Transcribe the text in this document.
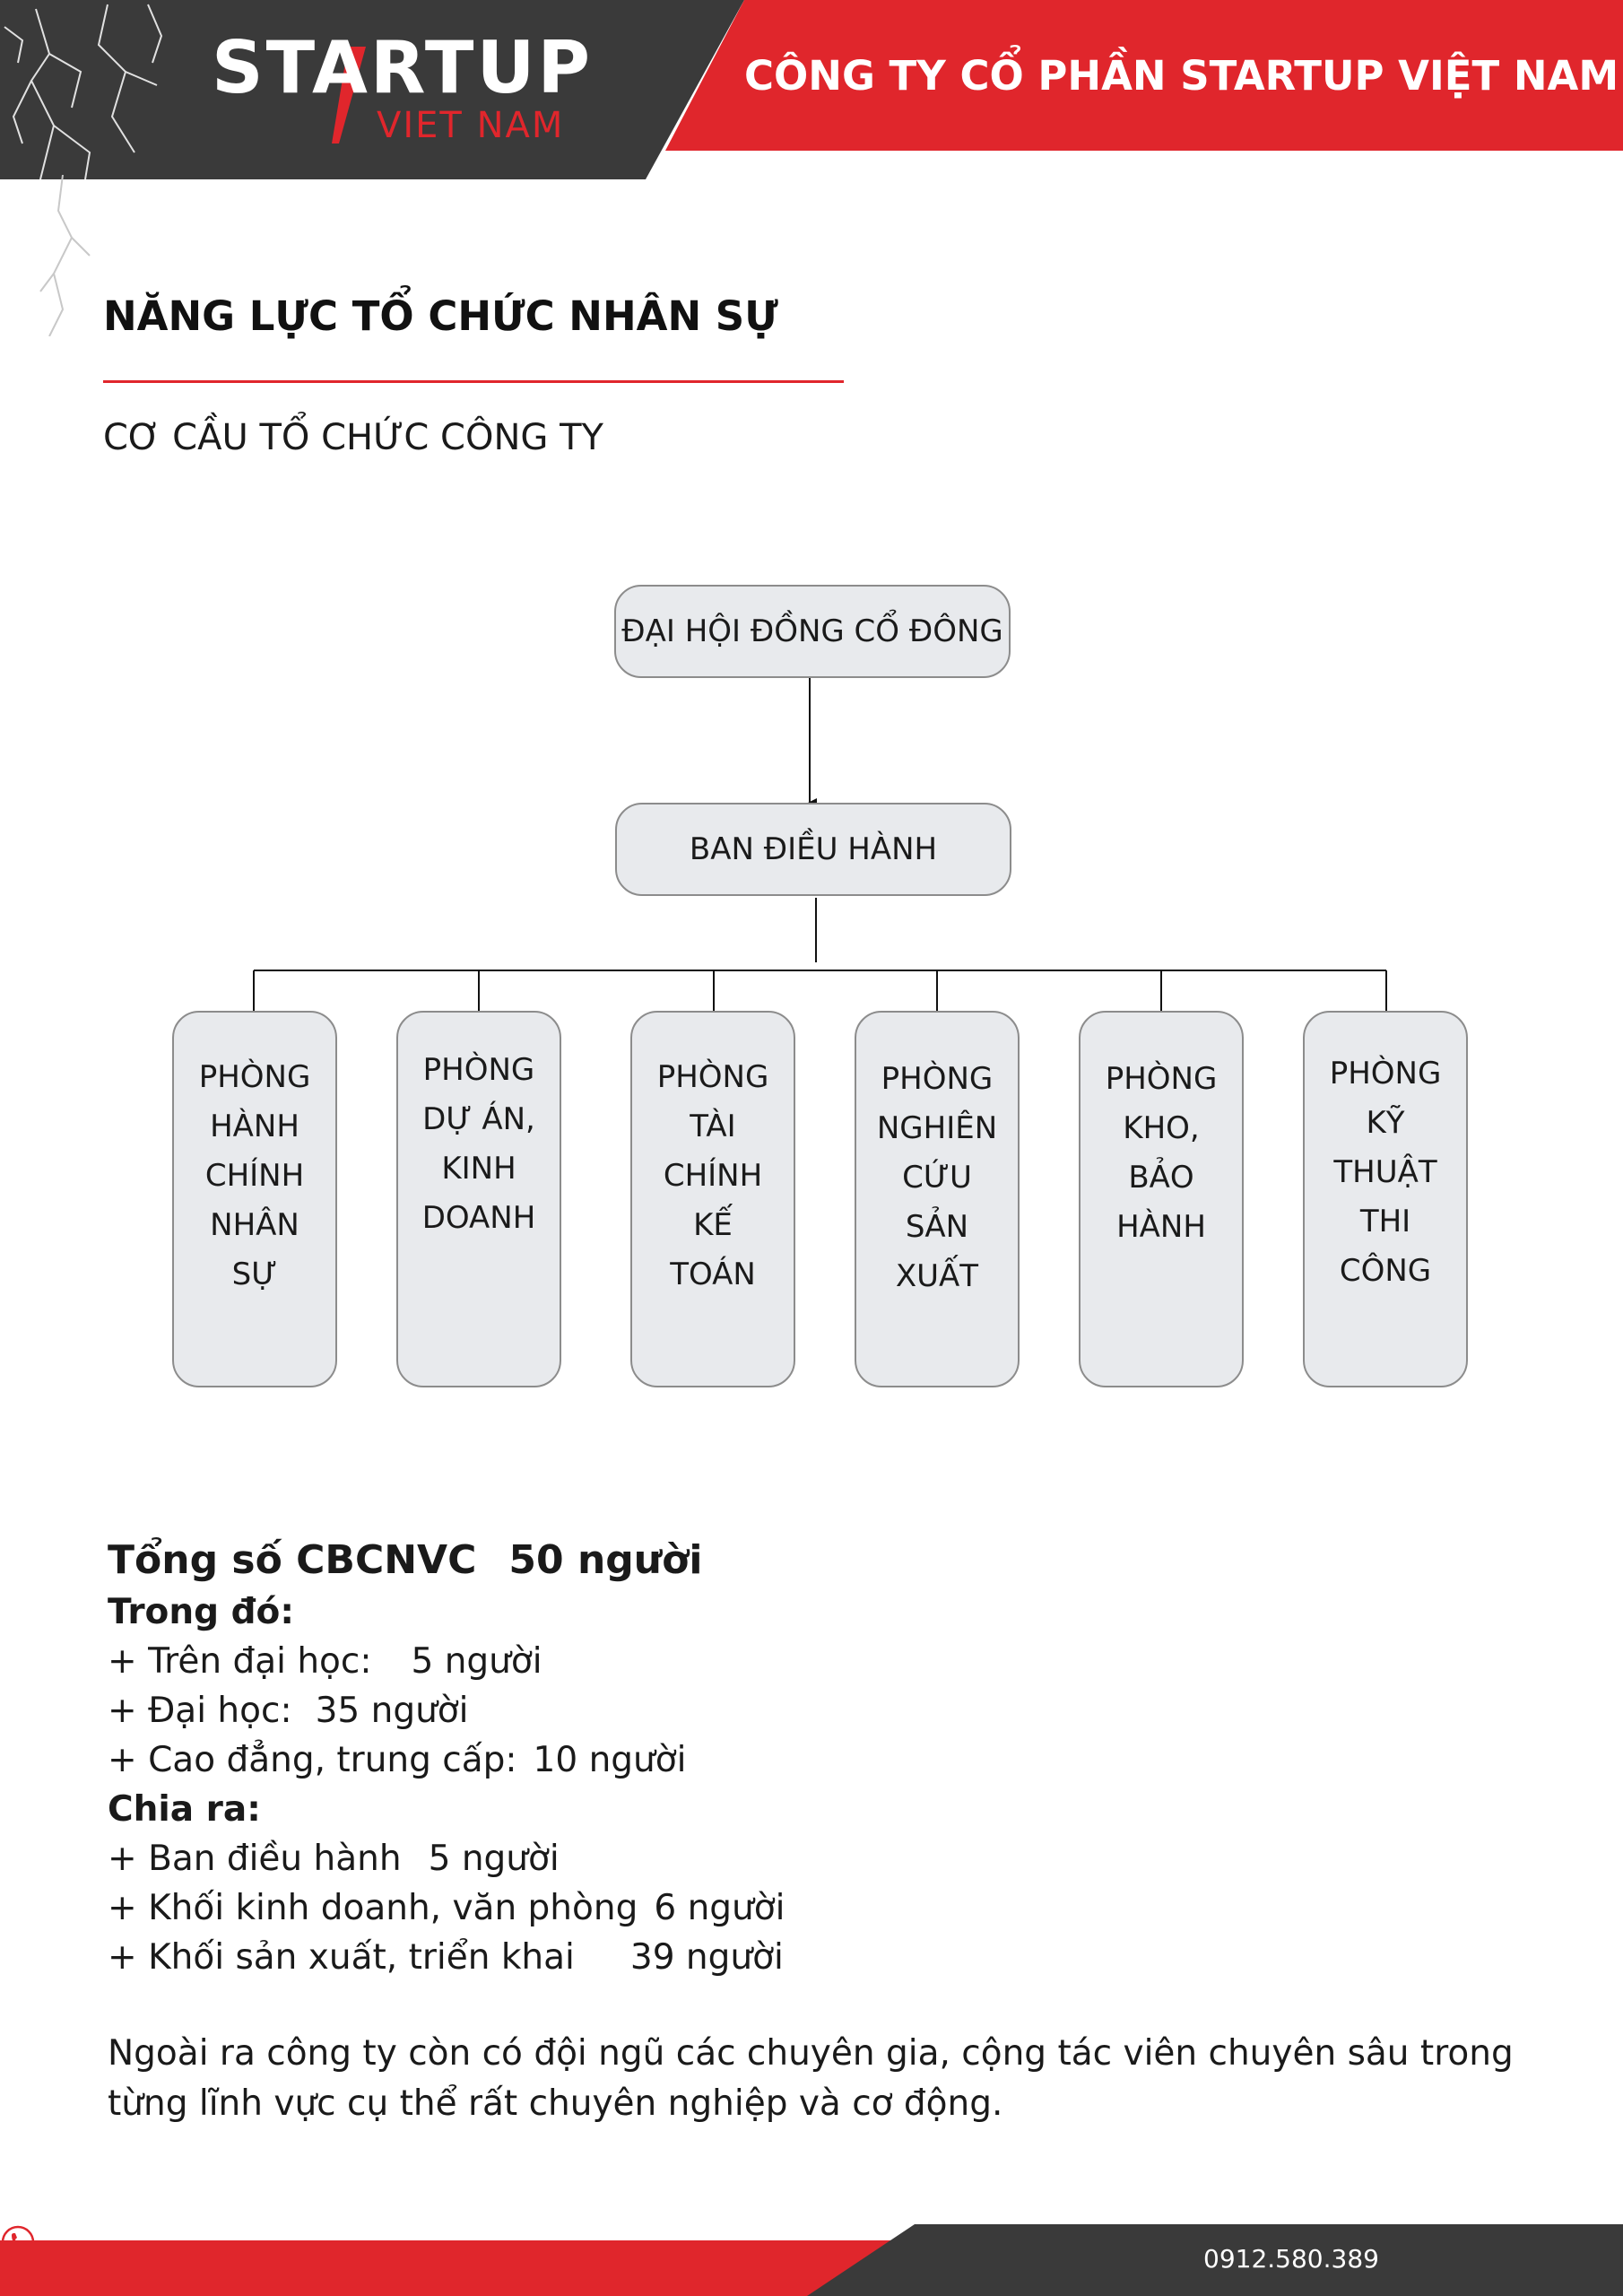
STARTUP
VIET NAM
CÔNG TY CỔ PHẦN STARTUP VIỆT NAM
NĂNG LỰC TỔ CHỨC NHÂN SỰ
CƠ CẦU TỔ CHỨC CÔNG TY
ĐẠI HỘI ĐỒNG CỔ ĐÔNG
BAN ĐIỀU HÀNH
PHÒNG
HÀNH
CHÍNH
NHÂN
SỰ
PHÒNG
DỰ ÁN,
KINH
DOANH
PHÒNG
TÀI
CHÍNH
KẾ
TOÁN
PHÒNG
NGHIÊN
CỨU
SẢN
XUẤT
PHÒNG
KHO,
BẢO
HÀNH
PHÒNG
KỸ
THUẬT
THI
CÔNG
Tổng số CBCNVC 50 người
Trong đó:
+ Trên đại học: 5 người
+ Đại học: 35 người
+ Cao đẳng, trung cấp: 10 người
Chia ra:
+ Ban điều hành 5 người
+ Khối kinh doanh, văn phòng 6 người
+ Khối sản xuất, triển khai 39 người
Ngoài ra công ty còn có đội ngũ các chuyên gia, cộng tác viên chuyên sâu trong từng lĩnh vực cụ thể rất chuyên nghiệp và cơ động.
0912.580.389
